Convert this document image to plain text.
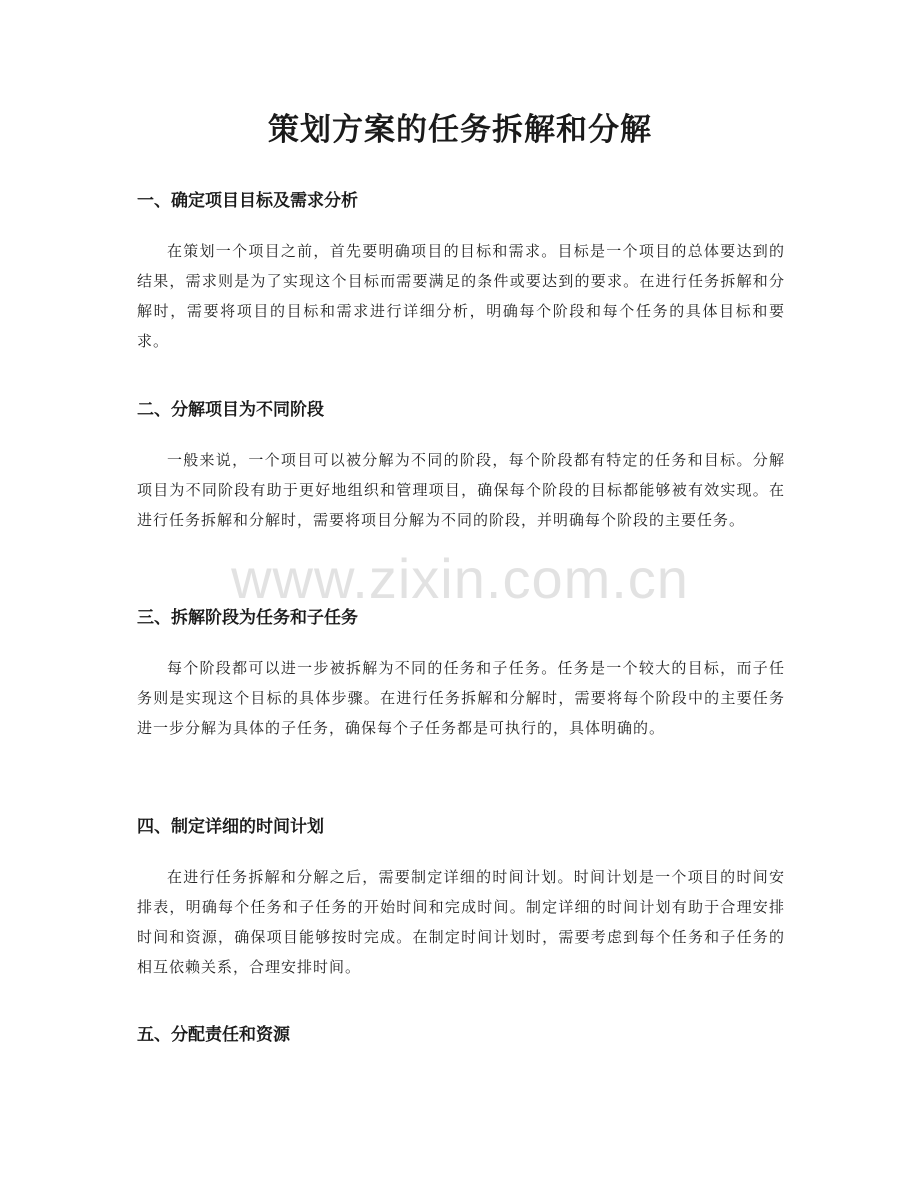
策划方案的任务拆解和分解
一、确定项目目标及需求分析

在策划一个项目之前，首先要明确项目的目标和需求。目标是一个项目的总体要达到的结果，需求则是为了实现这个目标而需要满足的条件或要达到的要求。在进行任务拆解和分解时，需要将项目的目标和需求进行详细分析，明确每个阶段和每个任务的具体目标和要求。

二、分解项目为不同阶段

一般来说，一个项目可以被分解为不同的阶段，每个阶段都有特定的任务和目标。分解项目为不同阶段有助于更好地组织和管理项目，确保每个阶段的目标都能够被有效实现。在进行任务拆解和分解时，需要将项目分解为不同的阶段，并明确每个阶段的主要任务。

三、拆解阶段为任务和子任务

每个阶段都可以进一步被拆解为不同的任务和子任务。任务是一个较大的目标，而子任务则是实现这个目标的具体步骤。在进行任务拆解和分解时，需要将每个阶段中的主要任务进一步分解为具体的子任务，确保每个子任务都是可执行的，具体明确的。

四、制定详细的时间计划

在进行任务拆解和分解之后，需要制定详细的时间计划。时间计划是一个项目的时间安排表，明确每个任务和子任务的开始时间和完成时间。制定详细的时间计划有助于合理安排时间和资源，确保项目能够按时完成。在制定时间计划时，需要考虑到每个任务和子任务的相互依赖关系，合理安排时间。

五、分配责任和资源
www.zixin.com.cn
